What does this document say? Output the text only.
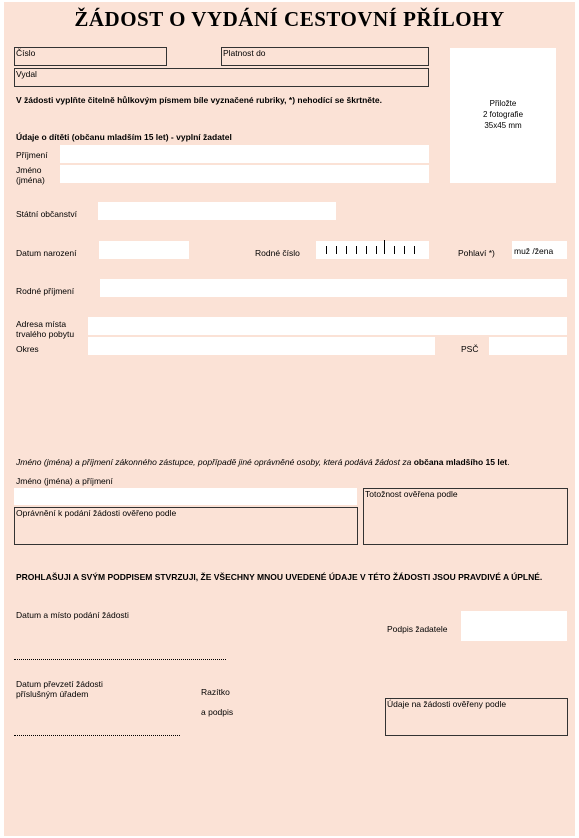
ŽÁDOST O VYDÁNÍ CESTOVNÍ PŘÍLOHY
Číslo	Platnost do
Vydal
V žádosti vyplňte čitelně hůlkovým písmem bíle vyznačené rubriky, *) nehodící se škrtněte.	Přiložte
2 fotografie
35x45 mm
Údaje o dítěti (občanu mladším 15 let) - vyplní žadatel
Příjmení
Jméno
(jména)
Státní občanství
Datum narození	Rodné číslo	Pohlaví *) muž /žena
Rodné příjmení
Adresa místa
trvalého pobytu
Okres	PSČ
Jméno (jména) a příjmení zákonného zástupce, popřípadě jiné oprávněné osoby, která podává žádost za občana mladšího 15 let.
Jméno (jména) a příjmení
Oprávnění k podání žádosti ověřeno podle
Totožnost ověřena podle
PROHLAŠUJI A SVÝM PODPISEM STVRZUJI, ŽE VŠECHNY MNOU UVEDENÉ ÚDAJE V TÉTO ŽÁDOSTI JSOU PRAVDIVÉ A ÚPLNÉ.
Datum a místo podání žádosti
Podpis žadatele
Datum převzetí žádosti
příslušným úřadem	Razítko
a podpis
Údaje na žádosti ověřeny podle
